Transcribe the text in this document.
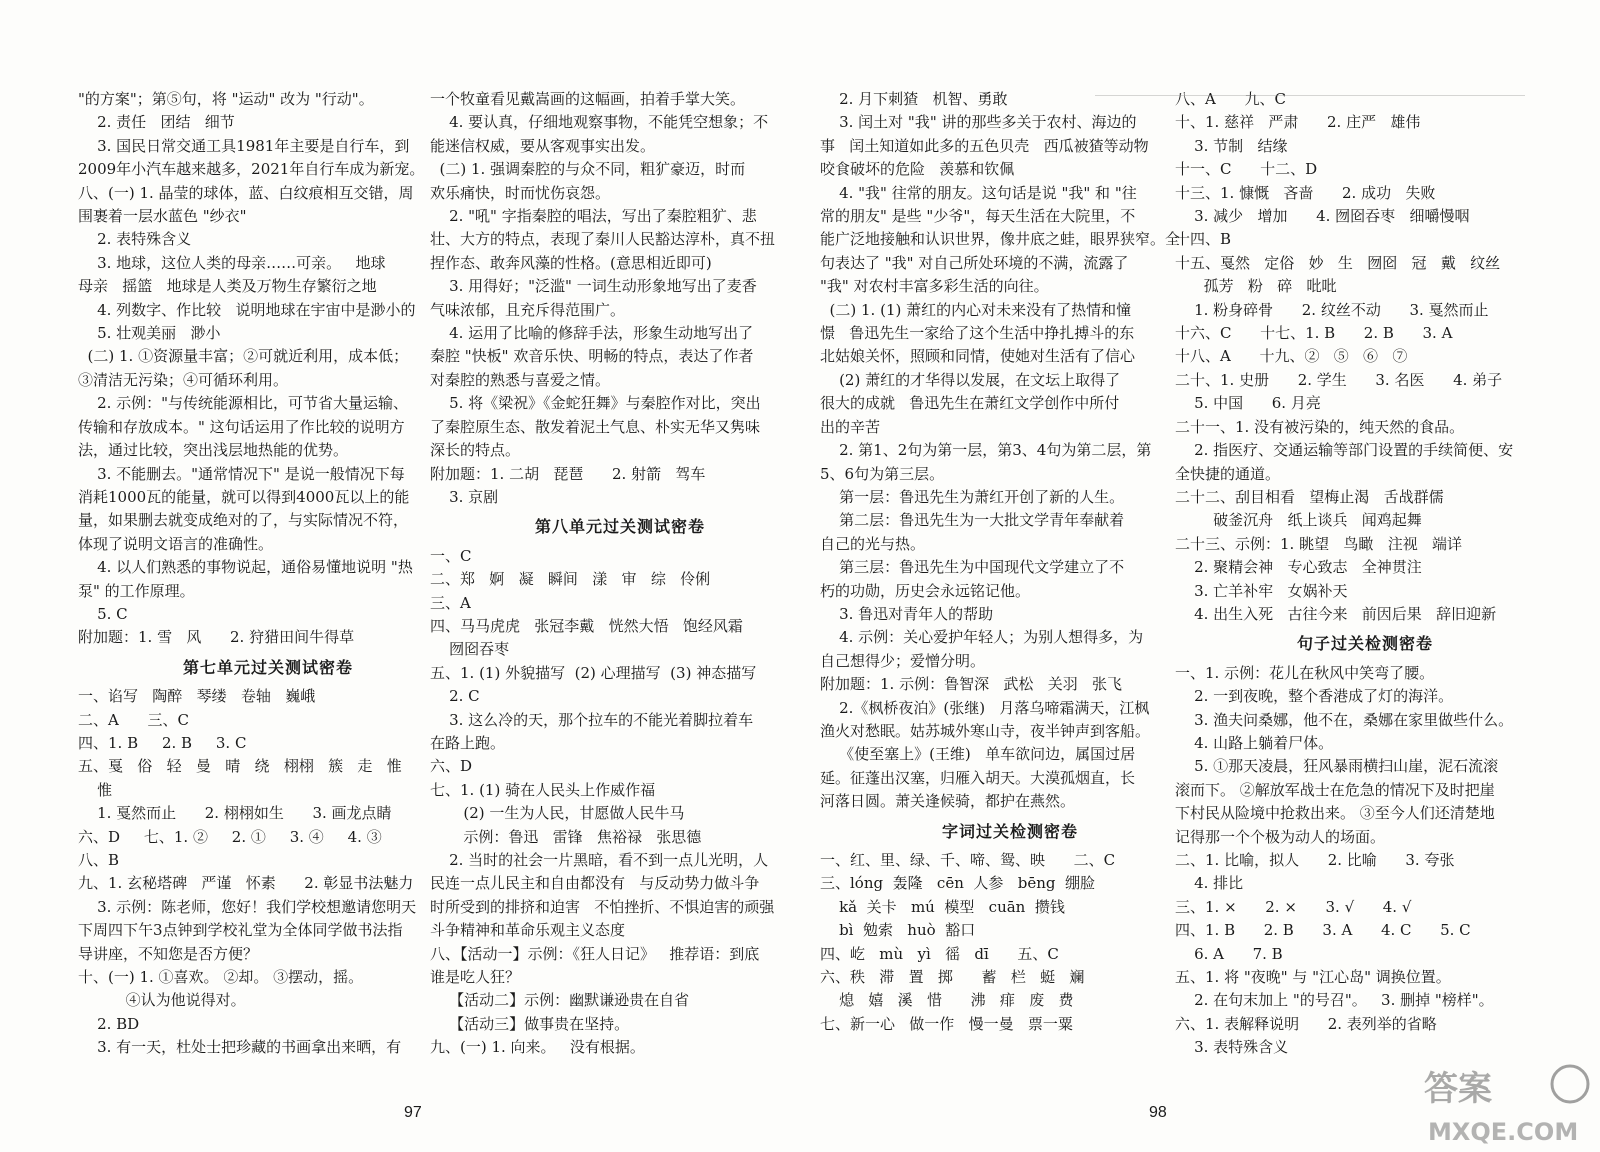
"的方案"；第⑤句，将 "运动" 改为 "行动"。
2. 责任   团结   细节
3. 国民日常交通工具1981年主要是自行车，到
2009年小汽车越来越多，2021年自行车成为新宠。
八、(一) 1. 晶莹的球体，蓝、白纹痕相互交错，周
围裹着一层水蓝色 "纱衣"
2. 表特殊含义
3. 地球，这位人类的母亲……可亲。   地球
母亲   摇篮   地球是人类及万物生存繁衍之地
4. 列数字、作比较   说明地球在宇宙中是渺小的
5. 壮观美丽   渺小
(二) 1. ①资源量丰富；②可就近利用，成本低；
③清洁无污染；④可循环利用。
2. 示例："与传统能源相比，可节省大量运输、
传输和存放成本。" 这句话运用了作比较的说明方
法，通过比较，突出浅层地热能的优势。
3. 不能删去。"通常情况下" 是说一般情况下每
消耗1000瓦的能量，就可以得到4000瓦以上的能
量，如果删去就变成绝对的了，与实际情况不符，
体现了说明文语言的准确性。
4. 以人们熟悉的事物说起，通俗易懂地说明 "热
泵" 的工作原理。
5. C
附加题：1. 雪   风      2. 狩猎田间牛得草
第七单元过关测试密卷
一、谄写   陶醉   琴缕   卷轴   巍峨
二、A      三、C
四、1. B     2. B     3. C
五、戛   俗   轻   曼   晴   绕   栩栩   簇   走   惟
惟
1. 戛然而止      2. 栩栩如生      3. 画龙点睛
六、D     七、1. ②     2. ①     3. ④     4. ③
八、B
九、1. 玄秘塔碑   严谨   怀素      2. 彰显书法魅力
3. 示例：陈老师，您好！我们学校想邀请您明天
下周四下午3点钟到学校礼堂为全体同学做书法指
导讲座，不知您是否方便？
十、(一) 1. ①喜欢。 ②却。 ③摆动，摇。
④认为他说得对。
2. BD
3. 有一天，杜处士把珍藏的书画拿出来晒，有
一个牧童看见戴嵩画的这幅画，拍着手掌大笑。
4. 要认真，仔细地观察事物，不能凭空想象；不
能迷信权威，要从客观事实出发。
(二) 1. 强调秦腔的与众不同，粗犷豪迈，时而
欢乐痛快，时而忧伤哀怨。
2. "吼" 字指秦腔的唱法，写出了秦腔粗犷、悲
壮、大方的特点，表现了秦川人民豁达淳朴，真不扭
捏作态、敢奔风藻的性格。(意思相近即可)
3. 用得好；"泛滥" 一词生动形象地写出了麦香
气味浓郁，且充斥得范围广。
4. 运用了比喻的修辞手法，形象生动地写出了
秦腔 "快板" 欢音乐快、明畅的特点，表达了作者
对秦腔的熟悉与喜爱之情。
5. 将《梁祝》《金蛇狂舞》与秦腔作对比，突出
了秦腔原生态、散发着泥土气息、朴实无华又隽味
深长的特点。
附加题：1. 二胡   琵琶      2. 射箭   驾车
3. 京剧
第八单元过关测试密卷
一、C
二、郑   婀   凝   瞬间   漾   审   综   伶俐
三、A
四、马马虎虎   张冠李戴   恍然大悟   饱经风霜
囫囵吞枣
五、1. (1) 外貌描写  (2) 心理描写  (3) 神态描写
2. C
3. 这么冷的天，那个拉车的不能光着脚拉着车
在路上跑。
六、D
七、1. (1) 骑在人民头上作威作福
(2) 一生为人民，甘愿做人民牛马
示例：鲁迅   雷锋   焦裕禄   张思德
2. 当时的社会一片黑暗，看不到一点儿光明，人
民连一点儿民主和自由都没有   与反动势力做斗争
时所受到的排挤和迫害   不怕挫折、不惧迫害的顽强
斗争精神和革命乐观主义态度
八、【活动一】示例：《狂人日记》   推荐语：到底
谁是吃人狂？
【活动二】示例：幽默谦逊贵在自省
【活动三】做事贵在坚持。
九、(一) 1. 向来。   没有根据。
2. 月下刺猹   机智、勇敢
3. 闰土对 "我" 讲的那些多关于农村、海边的
事   闰土知道如此多的五色贝壳   西瓜被猹等动物
咬食破坏的危险   羡慕和钦佩
4. "我" 往常的朋友。这句话是说 "我" 和 "往
常的朋友" 是些 "少爷"，每天生活在大院里，不
能广泛地接触和认识世界，像井底之蛙，眼界狭窄。全
句表达了 "我" 对自己所处环境的不满，流露了
"我" 对农村丰富多彩生活的向往。
(二) 1. (1) 萧红的内心对未来没有了热情和憧
憬   鲁迅先生一家给了这个生活中挣扎搏斗的东
北姑娘关怀，照顾和同情，使她对生活有了信心
(2) 萧红的才华得以发展，在文坛上取得了
很大的成就   鲁迅先生在萧红文学创作中所付
出的辛苦
2. 第1、2句为第一层，第3、4句为第二层，第
5、6句为第三层。
第一层：鲁迅先生为萧红开创了新的人生。
第二层：鲁迅先生为一大批文学青年奉献着
自己的光与热。
第三层：鲁迅先生为中国现代文学建立了不
朽的功勋，历史会永远铭记他。
3. 鲁迅对青年人的帮助
4. 示例：关心爱护年轻人；为别人想得多，为
自己想得少；爱憎分明。
附加题：1. 示例：鲁智深   武松   关羽   张飞
2.《枫桥夜泊》(张继)   月落乌啼霜满天，江枫
渔火对愁眠。姑苏城外寒山寺，夜半钟声到客船。
《使至塞上》(王维)   单车欲问边，属国过居
延。征蓬出汉塞，归雁入胡天。大漠孤烟直，长
河落日圆。萧关逢候骑，都护在燕然。
字词过关检测密卷
一、红、里、绿、千、啼、鸳、映      二、C
三、lóng  轰隆   cēn  人参   bēng  绷脸
kǎ  关卡   mú  模型   cuān  攒钱
bì  勉索   huò  豁口
四、屹   mù   yì   徭   dī      五、C
六、秩   滞   置   掷      蓄   栏   蜓   斓
熄   嬉   溪   惜      沸   痱   废   费
七、新一心   做一作   慢一曼   票一粟
八、A      九、C
十、1. 慈祥   严肃      2. 庄严   雄伟
3. 节制   结缘
十一、C      十二、D
十三、1. 慷慨   吝啬      2. 成功   失败
3. 减少   增加      4. 囫囵吞枣   细嚼慢咽
十四、B
十五、戛然   定俗   妙   生   囫囵   冠   戴   纹丝
孤芳   粉   碎   吡吡
1. 粉身碎骨      2. 纹丝不动      3. 戛然而止
十六、C      十七、1. B      2. B      3. A
十八、A      十九、②   ⑤   ⑥   ⑦
二十、1. 史册      2. 学生      3. 名医      4. 弟子
5. 中国      6. 月亮
二十一、1. 没有被污染的，纯天然的食品。
2. 指医疗、交通运输等部门设置的手续简便、安
全快捷的通道。
二十二、刮目相看   望梅止渴   舌战群儒
破釜沉舟   纸上谈兵   闻鸡起舞
二十三、示例：1. 眺望   鸟瞰   注视   端详
2. 聚精会神   专心致志   全神贯注
3. 亡羊补牢   女娲补天
4. 出生入死   古往今来   前因后果   辞旧迎新
句子过关检测密卷
一、1. 示例：花儿在秋风中笑弯了腰。
2. 一到夜晚，整个香港成了灯的海洋。
3. 渔夫问桑娜，他不在，桑娜在家里做些什么。
4. 山路上躺着尸体。
5. ①那天凌晨，狂风暴雨横扫山崖，泥石流滚
滚而下。 ②解放军战士在危急的情况下及时把崖
下村民从险境中抢救出来。 ③至今人们还清楚地
记得那一个个极为动人的场面。
二、1. 比喻，拟人      2. 比喻      3. 夸张
4. 排比
三、1. ×      2. ×      3. √      4. √
四、1. B      2. B      3. A      4. C      5. C
6. A      7. B
五、1. 将 "夜晚" 与 "江心岛" 调换位置。
2. 在句末加上 "的号召"。   3. 删掉 "榜样"。
六、1. 表解释说明      2. 表列举的省略
3. 表特殊含义
97	98
答案
MXQE.COM
